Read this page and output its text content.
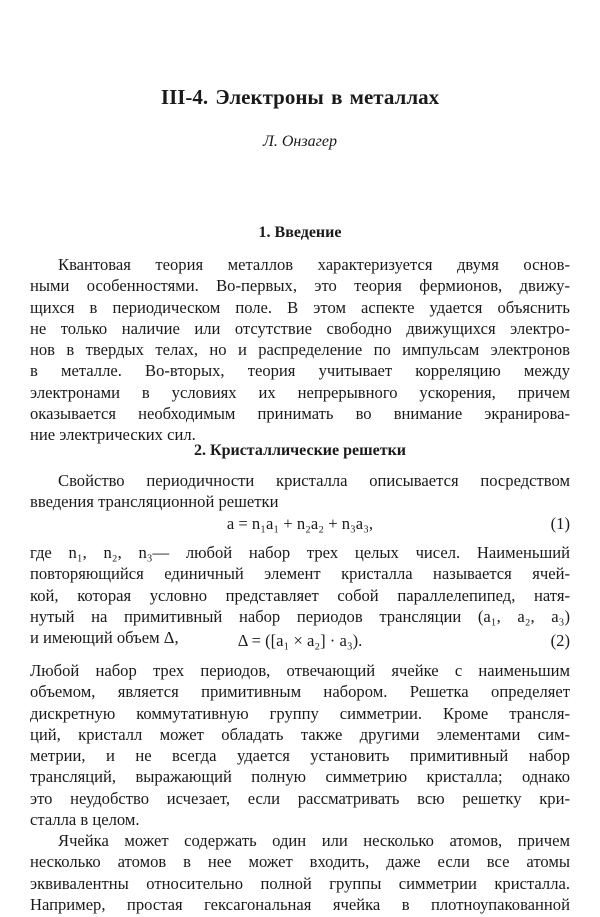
III-4. Электроны в металлах
Л. Онзагер
1. Введение
Квантовая теория металлов характеризуется двумя основ-
ными особенностями. Во-первых, это теория фермионов, движу-
щихся в периодическом поле. В этом аспекте удается объяснить
не только наличие или отсутствие свободно движущихся электро-
нов в твердых телах, но и распределение по импульсам электронов
в металле. Во-вторых, теория учитывает корреляцию между
электронами в условиях их непрерывного ускорения, причем
оказывается необходимым принимать во внимание экранирова-
ние электрических сил.
2. Кристаллические решетки
Свойство периодичности кристалла описывается посредством
введения трансляционной решетки
a = n₁a₁ + n₂a₂ + n₃a₃,	(1)
где n₁, n₂, n₃— любой набор трех целых чисел. Наименьший
повторяющийся единичный элемент кристалла называется ячей-
кой, которая условно представляет собой параллелепипед, натя-
нутый на примитивный набор периодов трансляции (a₁, a₂, a₃)
и имеющий объем Δ,	Δ = ([a₁ × a₂] · a₃).	(2)
Любой набор трех периодов, отвечающий ячейке с наименьшим
объемом, является примитивным набором. Решетка определяет
дискретную коммутативную группу симметрии. Кроме трансля-
ций, кристалл может обладать также другими элементами сим-
метрии, и не всегда удается установить примитивный набор
трансляций, выражающий полную симметрию кристалла; однако
это неудобство исчезает, если рассматривать всю решетку кри-
сталла в целом.
Ячейка может содержать один или несколько атомов, причем
несколько атомов в нее может входить, даже если все атомы
эквивалентны относительно полной группы симметрии кристалла.
Например, простая гексагональная ячейка в плотноупакованной
